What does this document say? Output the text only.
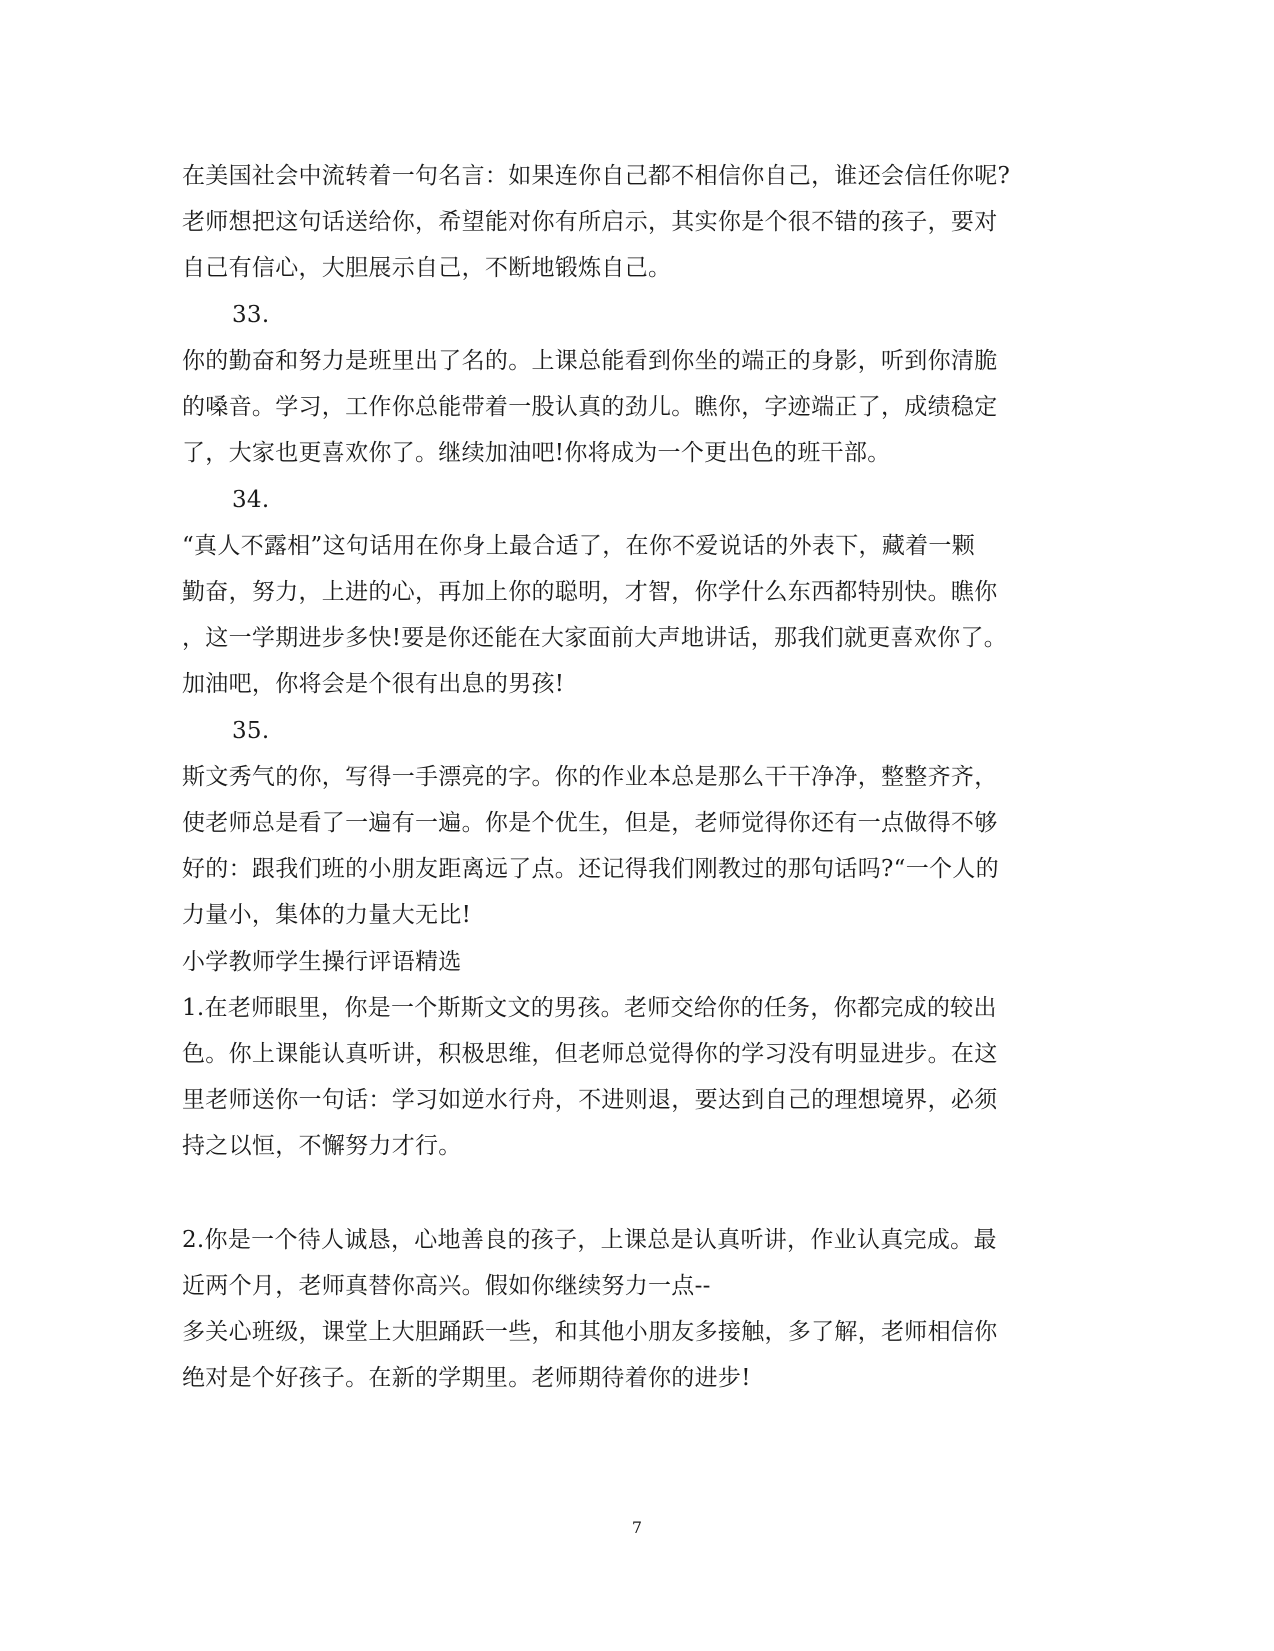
在美国社会中流转着一句名言：如果连你自己都不相信你自己，谁还会信任你呢?
老师想把这句话送给你，希望能对你有所启示，其实你是个很不错的孩子，要对
自己有信心，大胆展示自己，不断地锻炼自己。
33.
你的勤奋和努力是班里出了名的。上课总能看到你坐的端正的身影，听到你清脆
的嗓音。学习，工作你总能带着一股认真的劲儿。瞧你，字迹端正了，成绩稳定
了，大家也更喜欢你了。继续加油吧!你将成为一个更出色的班干部。
34.
“真人不露相”这句话用在你身上最合适了，在你不爱说话的外表下，藏着一颗
勤奋，努力，上进的心，再加上你的聪明，才智，你学什么东西都特别快。瞧你
，这一学期进步多快!要是你还能在大家面前大声地讲话，那我们就更喜欢你了。
加油吧，你将会是个很有出息的男孩!
35.
斯文秀气的你，写得一手漂亮的字。你的作业本总是那么干干净净，整整齐齐，
使老师总是看了一遍有一遍。你是个优生，但是，老师觉得你还有一点做得不够
好的：跟我们班的小朋友距离远了点。还记得我们刚教过的那句话吗?“一个人的
力量小，集体的力量大无比!
小学教师学生操行评语精选
1.在老师眼里，你是一个斯斯文文的男孩。老师交给你的任务，你都完成的较出
色。你上课能认真听讲，积极思维，但老师总觉得你的学习没有明显进步。在这
里老师送你一句话：学习如逆水行舟，不进则退，要达到自己的理想境界，必须
持之以恒，不懈努力才行。
2.你是一个待人诚恳，心地善良的孩子，上课总是认真听讲，作业认真完成。最
近两个月，老师真替你高兴。假如你继续努力一点--
多关心班级，课堂上大胆踊跃一些，和其他小朋友多接触，多了解，老师相信你
绝对是个好孩子。在新的学期里。老师期待着你的进步!
7
